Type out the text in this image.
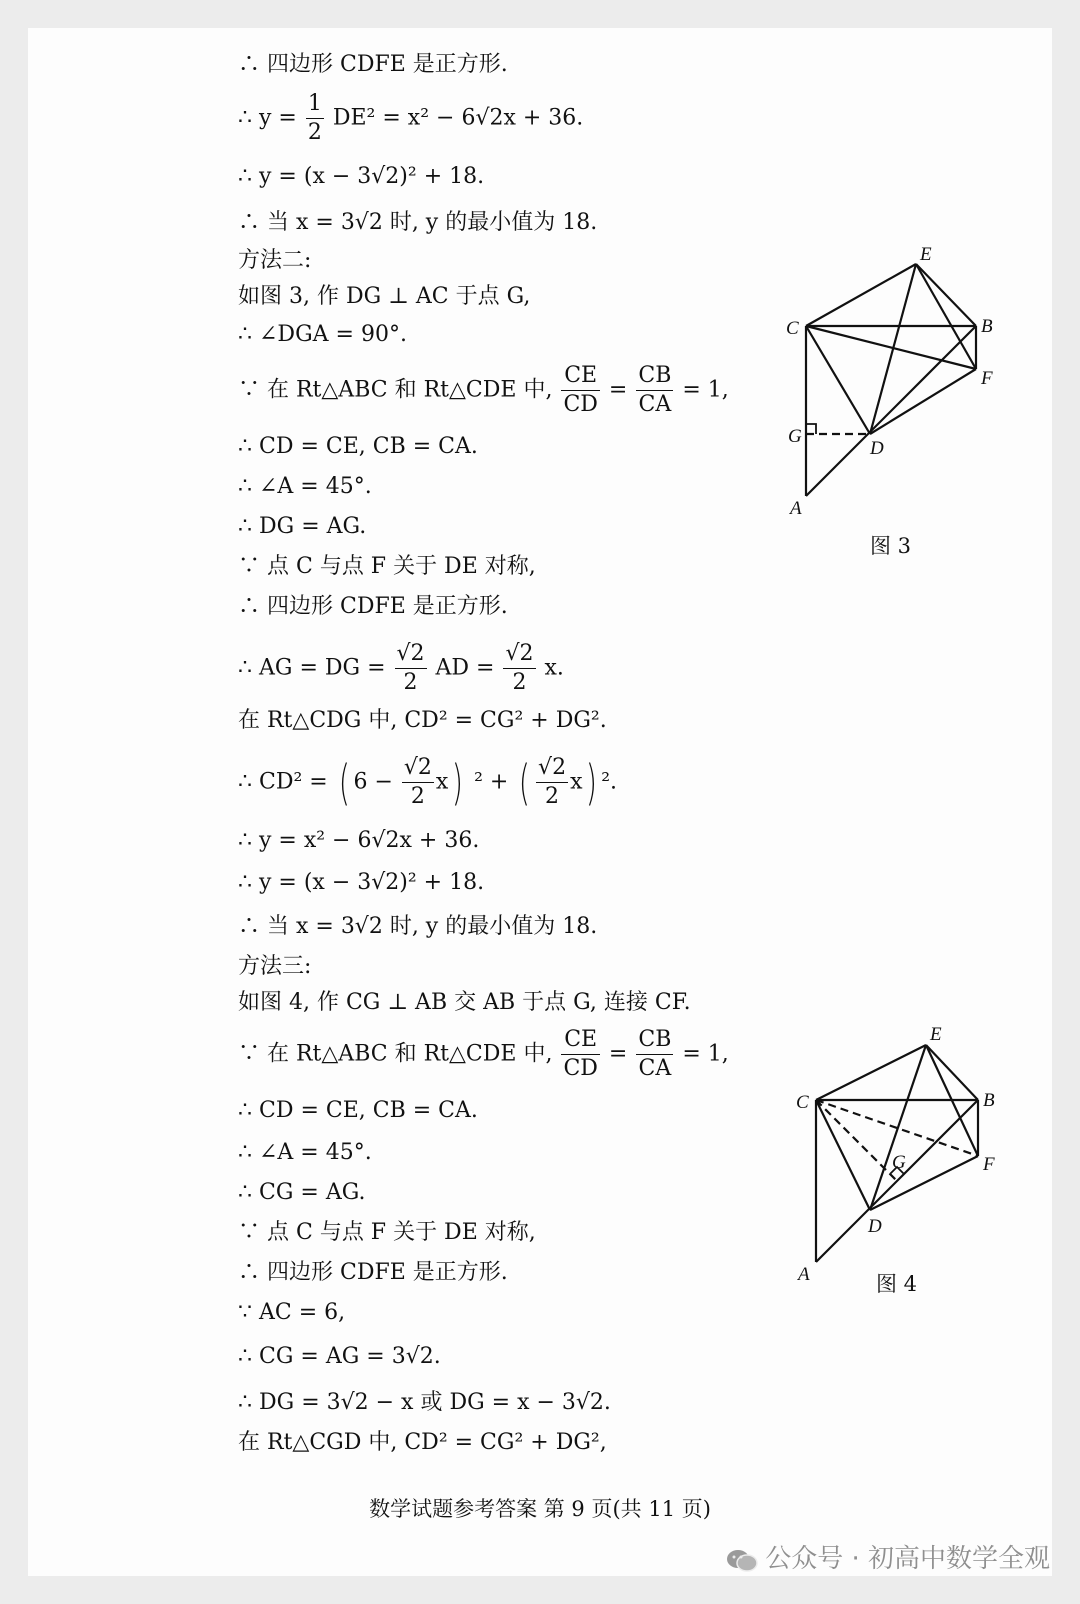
∴ 四边形 CDFE 是正方形.
∴ $y = \frac{1}{2} DE^2 = x^2 - 6√2x + 36$.
∴ y = (x − 3√2)² + 18.
∴ 当 x = 3√2 时, y 的最小值为 18.
方法二:
如图 3, 作 DG ⊥ AC 于点 G,
∴ ∠DGA = 90°.
∵ 在 Rt△ABC 和 Rt△CDE 中, $\frac{CE}{CD} = \frac{CB}{CA} = 1$,
∴ CD = CE, CB = CA.
∴ ∠A = 45°.
∴ DG = AG.
∵ 点 C 与点 F 关于 DE 对称,
∴ 四边形 CDFE 是正方形.
∴ AG = DG = $\frac{√2}{2}$ AD = $\frac{√2}{2} x$.
在 Rt△CDG 中, CD² = CG² + DG².
∴ CD² = ( $6 - \frac{√2}{2} x$) ² + ( $\frac{√2}{2} x$) ².
∴ y = x² − 6√2x + 36.
∴ y = (x − 3√2)² + 18.
∴ 当 x = 3√2 时, y 的最小值为 18.
方法三:
如图 4, 作 CG ⊥ AB 交 AB 于点 G, 连接 CF.
∵ 在 Rt△ABC 和 Rt△CDE 中, $\frac{CE}{CD} = \frac{CB}{CA} = 1$,
∴ CD = CE, CB = CA.
∴ ∠A = 45°.
∴ CG = AG.
∵ 点 C 与点 F 关于 DE 对称,
∴ 四边形 CDFE 是正方形.
∵ AC = 6,
∴ CG = AG = 3√2.
∴ DG = 3√2 − x 或 DG = x − 3√2.
在 Rt△CGD 中, CD² = CG² + DG²,
E
C	B
F
G
D
A
图 3
E
C	B
F
G
D
A	图 4
数学试题参考答案 第 9 页(共 11 页)
公众号 · 初高中数学全观
